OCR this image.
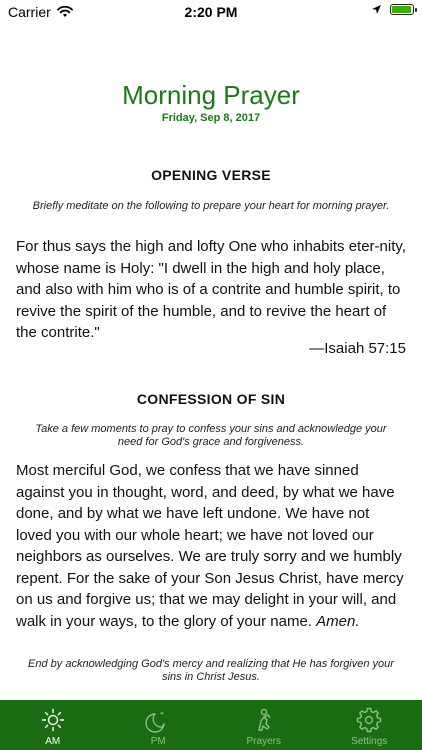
Carrier	2:20 PM
Morning Prayer
Friday, Sep 8, 2017
OPENING VERSE
Briefly meditate on the following to prepare your heart for morning prayer.
For thus says the high and lofty One who inhabits eter-nity, whose name is Holy: "I dwell in the high and holy place, and also with him who is of a contrite and humble spirit, to revive the spirit of the humble, and to revive the heart of the contrite."
—Isaiah 57:15
CONFESSION OF SIN
Take a few moments to pray to confess your sins and acknowledge your need for God's grace and forgiveness.
Most merciful God, we confess that we have sinned against you in thought, word, and deed, by what we have done, and by what we have left undone. We have not loved you with our whole heart; we have not loved our neighbors as ourselves. We are truly sorry and we humbly repent. For the sake of your Son Jesus Christ, have mercy on us and forgive us; that we may delight in your will, and walk in your ways, to the glory of your name. Amen.
End by acknowledging God's mercy and realizing that He has forgiven your sins in Christ Jesus.
AM	PM	Prayers	Settings
